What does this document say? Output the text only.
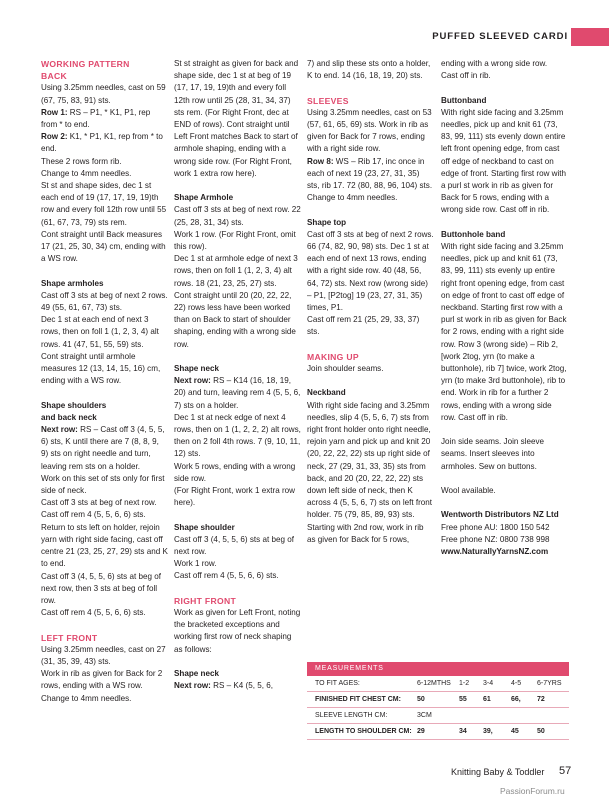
PUFFED SLEEVED CARDI
WORKING PATTERN
BACK
Using 3.25mm needles, cast on 59 (67, 75, 83, 91) sts.
Row 1: RS – P1, * K1, P1, rep from * to end.
Row 2: K1, * P1, K1, rep from * to end.
These 2 rows form rib.
Change to 4mm needles.
St st and shape sides, dec 1 st each end of 19 (17, 17, 19, 19)th row and every foll 12th row until 55 (61, 67, 73, 79) sts rem.
Cont straight until Back measures 17 (21, 25, 30, 34) cm, ending with a WS row.
Shape armholes
Cast off 3 sts at beg of next 2 rows. 49 (55, 61, 67, 73) sts.
Dec 1 st at each end of next 3 rows, then on foll 1 (1, 2, 3, 4) alt rows. 41 (47, 51, 55, 59) sts.
Cont straight until armhole measures 12 (13, 14, 15, 16) cm, ending with a WS row.
Shape shoulders
and back neck
Next row: RS – Cast off 3 (4, 5, 5, 6) sts, K until there are 7 (8, 8, 9, 9) sts on right needle and turn, leaving rem sts on a holder.
Work on this set of sts only for first side of neck.
Cast off 3 sts at beg of next row.
Cast off rem 4 (5, 5, 6, 6) sts.
Return to sts left on holder, rejoin yarn with right side facing, cast off centre 21 (23, 25, 27, 29) sts and K to end.
Cast off 3 (4, 5, 5, 6) sts at beg of next row, then 3 sts at beg of foll row.
Cast off rem 4 (5, 5, 6, 6) sts.
LEFT FRONT
Using 3.25mm needles, cast on 27 (31, 35, 39, 43) sts.
Work in rib as given for Back for 2 rows, ending with a WS row.
Change to 4mm needles.
St st straight as given for back and shape side, dec 1 st at beg of 19 (17, 17, 19, 19)th and every foll 12th row until 25 (28, 31, 34, 37) sts rem. (For Right Front, dec at END of rows). Cont straight until Left Front matches Back to start of armhole shaping, ending with a wrong side row. (For Right Front, work 1 extra row here).
Shape Armhole
Cast off 3 sts at beg of next row. 22 (25, 28, 31, 34) sts.
Work 1 row. (For Right Front, omit this row).
Dec 1 st at armhole edge of next 3 rows, then on foll 1 (1, 2, 3, 4) alt rows. 18 (21, 23, 25, 27) sts.
Cont straight until 20 (20, 22, 22, 22) rows less have been worked than on Back to start of shoulder shaping, ending with a wrong side row.
Shape neck
Next row: RS – K14 (16, 18, 19, 20) and turn, leaving rem 4 (5, 5, 6, 7) sts on a holder.
Dec 1 st at neck edge of next 4 rows, then on 1 (1, 2, 2, 2) alt rows, then on 2 foll 4th rows. 7 (9, 10, 11, 12) sts.
Work 5 rows, ending with a wrong side row.
(For Right Front, work 1 extra row here).
Shape shoulder
Cast off 3 (4, 5, 5, 6) sts at beg of next row.
Work 1 row.
Cast off rem 4 (5, 5, 6, 6) sts.
RIGHT FRONT
Work as given for Left Front, noting the bracketed exceptions and working first row of neck shaping as follows:
Shape neck
Next row: RS – K4 (5, 5, 6,
7) and slip these sts onto a holder, K to end. 14 (16, 18, 19, 20) sts.
SLEEVES
Using 3.25mm needles, cast on 53 (57, 61, 65, 69) sts. Work in rib as given for Back for 7 rows, ending with a right side row.
Row 8: WS – Rib 17, inc once in each of next 19 (23, 27, 31, 35) sts, rib 17. 72 (80, 88, 96, 104) sts.
Change to 4mm needles.
Shape top
Cast off 3 sts at beg of next 2 rows. 66 (74, 82, 90, 98) sts. Dec 1 st at each end of next 13 rows, ending with a right side row. 40 (48, 56, 64, 72) sts. Next row (wrong side) – P1, [P2tog] 19 (23, 27, 31, 35) times, P1.
Cast off rem 21 (25, 29, 33, 37) sts.
MAKING UP
Join shoulder seams.
Neckband
With right side facing and 3.25mm needles, slip 4 (5, 5, 6, 7) sts from right front holder onto right needle, rejoin yarn and pick up and knit 20 (20, 22, 22, 22) sts up right side of neck, 27 (29, 31, 33, 35) sts from back, and 20 (20, 22, 22, 22) sts down left side of neck, then K across 4 (5, 5, 6, 7) sts on left front holder. 75 (79, 85, 89, 93) sts.
Starting with 2nd row, work in rib as given for Back for 5 rows,
ending with a wrong side row.
Cast off in rib.
Buttonband
With right side facing and 3.25mm needles, pick up and knit 61 (73, 83, 99, 111) sts evenly down entire left front opening edge, from cast off edge of neckband to cast on edge of front. Starting first row with a purl st work in rib as given for Back for 5 rows, ending with a wrong side row. Cast off in rib.
Buttonhole band
With right side facing and 3.25mm needles, pick up and knit 61 (73, 83, 99, 111) sts evenly up entire right front opening edge, from cast on edge of front to cast off edge of neckband. Starting first row with a purl st work in rib as given for Back for 2 rows, ending with a right side row. Row 3 (wrong side) – Rib 2, [work 2tog, yrn (to make a buttonhole), rib 7] twice, work 2tog, yrn (to make 3rd buttonhole), rib to end. Work in rib for a further 2 rows, ending with a wrong side row. Cast off in rib.
Join side seams. Join sleeve seams. Insert sleeves into armholes. Sew on buttons.
Wool available.
Wentworth Distributors NZ Ltd
Free phone AU: 1800 150 542
Free phone NZ: 0800 738 998
www.NaturallyYarnsNZ.com
MEASUREMENTS
TO FIT AGES:	6-12MTHS 1-2 3-4	4-5 6-7YRS
FINISHED FIT CHEST CM: 50	55 61	66, 72
SLEEVE LENGTH CM:	3CM
LENGTH TO SHOULDER CM: 29	34 39,	45	50
Knitting Baby & Toddler 57
PassionForum.ru
